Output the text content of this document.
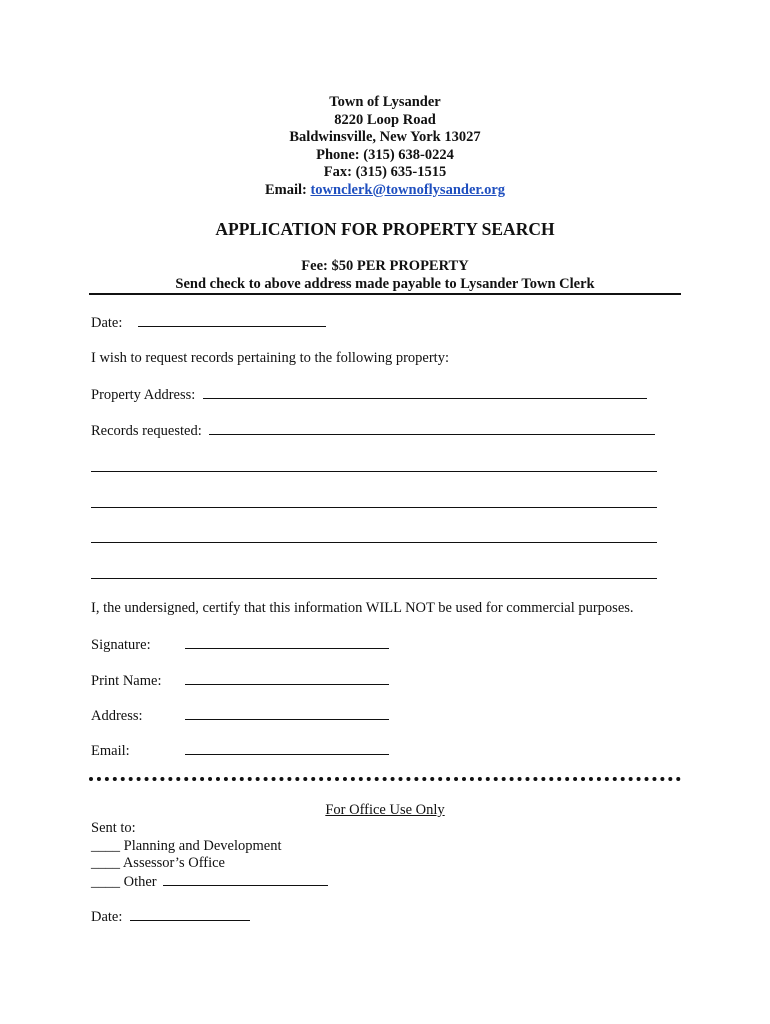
Town of Lysander
8220 Loop Road
Baldwinsville, New York 13027
Phone: (315) 638-0224
Fax: (315) 635-1515
Email: townclerk@townoflysander.org
APPLICATION FOR PROPERTY SEARCH
Fee: $50 PER PROPERTY
Send check to above address made payable to Lysander Town Clerk
Date:
I wish to request records pertaining to the following property:
Property Address:
Records requested:
I, the undersigned, certify that this information WILL NOT be used for commercial purposes.
Signature:
Print Name:
Address:
Email:
For Office Use Only
Sent to:
____ Planning and Development
____ Assessor’s Office
____ Other
Date:
